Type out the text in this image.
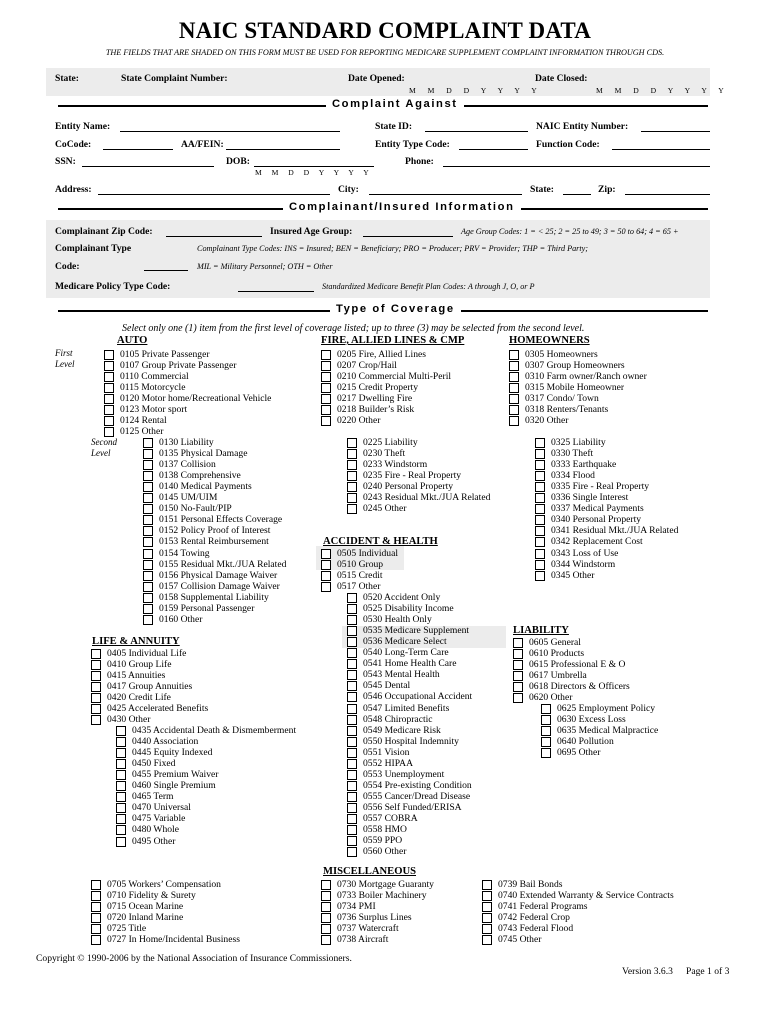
NAIC STANDARD COMPLAINT DATA
THE FIELDS THAT ARE SHADED ON THIS FORM MUST BE USED FOR REPORTING MEDICARE SUPPLEMENT COMPLAINT INFORMATION THROUGH CDS.
State:	State Complaint Number:	Date Opened:
M M D D Y Y Y Y
Date Closed:
M M D D Y Y Y Y
Complaint Against
Entity Name:	State ID:	NAIC Entity Number:
CoCode:	AA/FEIN:	Entity Type Code:	Function Code:
SSN:	DOB:
M M D D Y Y Y Y
Phone:
Address:	City:	State:	Zip:
Complainant/Insured Information
Complainant Zip Code:	Insured Age Group:	Age Group Codes: 1 = < 25; 2 = 25 to 49; 3 = 50 to 64; 4 = 65 +
Complainant Type	Complainant Type Codes: INS = Insured; BEN = Beneficiary; PRO = Producer; PRV = Provider; THP = Third Party;
Code:	MIL = Military Personnel; OTH = Other
Medicare Policy Type Code:	Standardized Medicare Benefit Plan Codes: A through J, O, or P
Type of Coverage
Select only one (1) item from the first level of coverage listed; up to three (3) may be selected from the second level.
First
Level
Second
Level
AUTO	FIRE, ALLIED LINES & CMP	HOMEOWNERS
ACCIDENT & HEALTH
LIFE & ANNUITY
LIABILITY
MISCELLANEOUS
0105 Private Passenger
0107 Group Private Passenger
0110 Commercial
0115 Motorcycle
0120 Motor home/Recreational Vehicle
0123 Motor sport
0124 Rental
0125 Other
0130 Liability
0135 Physical Damage
0137 Collision
0138 Comprehensive
0140 Medical Payments
0145 UM/UIM
0150 No-Fault/PIP
0151 Personal Effects Coverage
0152 Policy Proof of Interest
0153 Rental Reimbursement
0154 Towing
0155 Residual Mkt./JUA Related
0156 Physical Damage Waiver
0157 Collision Damage Waiver
0158 Supplemental Liability
0159 Personal Passenger
0160 Other
0205 Fire, Allied Lines
0207 Crop/Hail
0210 Commercial Multi-Peril
0215 Credit Property
0217 Dwelling Fire
0218 Builder’s Risk
0220 Other
0225 Liability
0230 Theft
0233 Windstorm
0235 Fire - Real Property
0240 Personal Property
0243 Residual Mkt./JUA Related
0245 Other
0305 Homeowners
0307 Group Homeowners
0310 Farm owner/Ranch owner
0315 Mobile Homeowner
0317 Condo/ Town
0318 Renters/Tenants
0320 Other
0325 Liability
0330 Theft
0333 Earthquake
0334 Flood
0335 Fire - Real Property
0336 Single Interest
0337 Medical Payments
0340 Personal Property
0341 Residual Mkt./JUA Related
0342 Replacement Cost
0343 Loss of Use
0344 Windstorm
0345 Other
0505 Individual
0510 Group
0515 Credit
0517 Other
0520 Accident Only
0525 Disability Income
0530 Health Only
0535 Medicare Supplement
0536 Medicare Select
0540 Long-Term Care
0541 Home Health Care
0543 Mental Health
0545 Dental
0546 Occupational Accident
0547 Limited Benefits
0548 Chiropractic
0549 Medicare Risk
0550 Hospital Indemnity
0551 Vision
0552 HIPAA
0553 Unemployment
0554 Pre-existing Condition
0555 Cancer/Dread Disease
0556 Self Funded/ERISA
0557 COBRA
0558 HMO
0559 PPO
0560 Other
0405 Individual Life
0410 Group Life
0415 Annuities
0417 Group Annuities
0420 Credit Life
0425 Accelerated Benefits
0430 Other
0435 Accidental Death & Dismemberment
0440 Association
0445 Equity Indexed
0450 Fixed
0455 Premium Waiver
0460 Single Premium
0465 Term
0470 Universal
0475 Variable
0480 Whole
0495 Other
0605 General
0610 Products
0615 Professional E & O
0617 Umbrella
0618 Directors & Officers
0620 Other
0625 Employment Policy
0630 Excess Loss
0635 Medical Malpractice
0640 Pollution
0695 Other
0705 Workers’ Compensation
0710 Fidelity & Surety
0715 Ocean Marine
0720 Inland Marine
0725 Title
0727 In Home/Incidental Business
0730 Mortgage Guaranty
0733 Boiler Machinery
0734 PMI
0736 Surplus Lines
0737 Watercraft
0738 Aircraft
0739 Bail Bonds
0740 Extended Warranty & Service Contracts
0741 Federal Programs
0742 Federal Crop
0743 Federal Flood
0745 Other
Copyright © 1990-2006 by the National Association of Insurance Commissioners.
Version 3.6.3 Page 1 of 3
